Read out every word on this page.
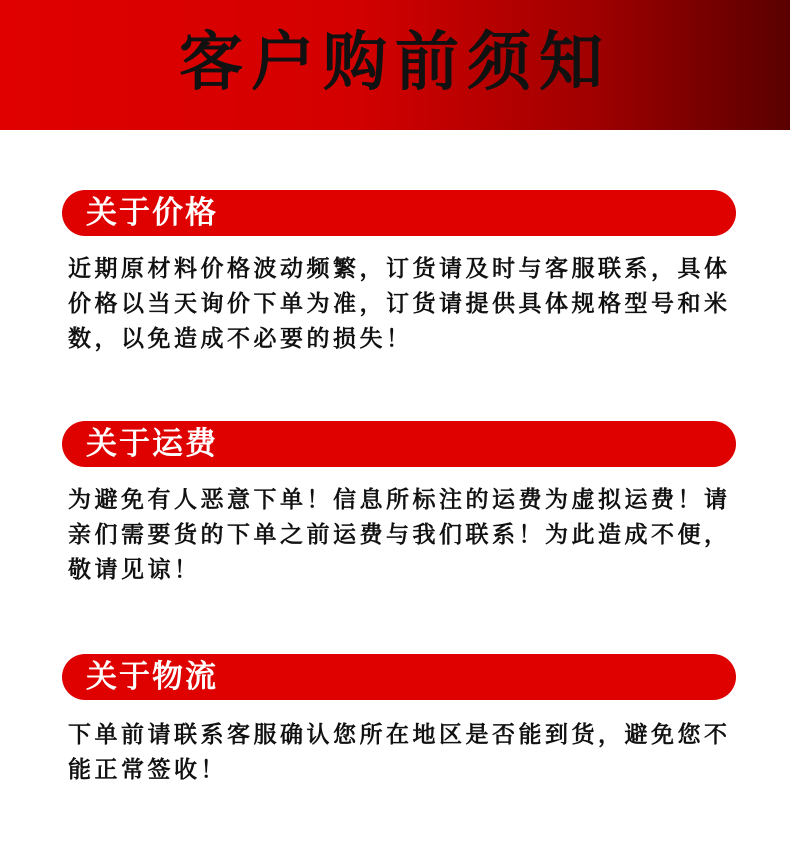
客户购前须知
关于价格

近期原材料价格波动频繁，订货请及时与客服联系，具体价格以当天询价下单为准，订货请提供具体规格型号和米数，以免造成不必要的损失！

关于运费

为避免有人恶意下单！信息所标注的运费为虚拟运费！请亲们需要货的下单之前运费与我们联系！为此造成不便，敬请见谅！

关于物流

下单前请联系客服确认您所在地区是否能到货，避免您不能正常签收！
